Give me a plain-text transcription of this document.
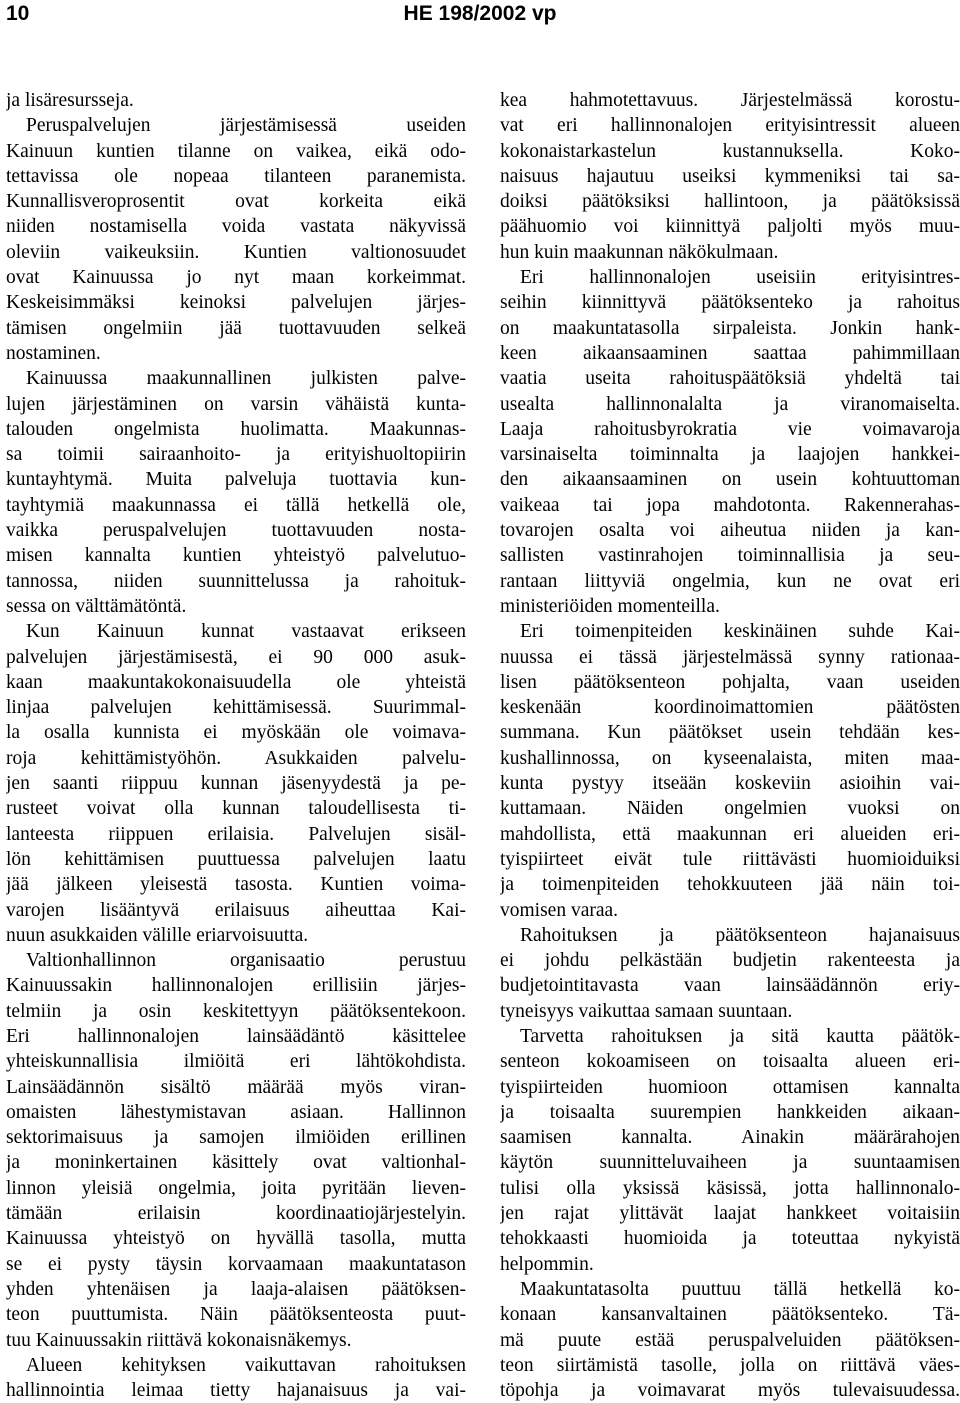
10	HE 198/2002 vp
ja lisäresursseja.
Peruspalvelujen järjestämisessä useiden
Kainuun kuntien tilanne on vaikea, eikä odo-
tettavissa ole nopeaa tilanteen paranemista.
Kunnallisveroprosentit ovat korkeita eikä
niiden nostamisella voida vastata näkyvissä
oleviin vaikeuksiin. Kuntien valtionosuudet
ovat Kainuussa jo nyt maan korkeimmat.
Keskeisimmäksi keinoksi palvelujen järjes-
tämisen ongelmiin jää tuottavuuden selkeä
nostaminen.
Kainuussa maakunnallinen julkisten palve-
lujen järjestäminen on varsin vähäistä kunta-
talouden ongelmista huolimatta. Maakunnas-
sa toimii sairaanhoito- ja erityishuoltopiirin
kuntayhtymä. Muita palveluja tuottavia kun-
tayhtymiä maakunnassa ei tällä hetkellä ole,
vaikka peruspalvelujen tuottavuuden nosta-
misen kannalta kuntien yhteistyö palvelutuo-
tannossa, niiden suunnittelussa ja rahoituk-
sessa on välttämätöntä.
Kun Kainuun kunnat vastaavat erikseen
palvelujen järjestämisestä, ei 90 000 asuk-
kaan maakuntakokonaisuudella ole yhteistä
linjaa palvelujen kehittämisessä. Suurimmal-
la osalla kunnista ei myöskään ole voimava-
roja kehittämistyöhön. Asukkaiden palvelu-
jen saanti riippuu kunnan jäsenyydestä ja pe-
rusteet voivat olla kunnan taloudellisesta ti-
lanteesta riippuen erilaisia. Palvelujen sisäl-
lön kehittämisen puuttuessa palvelujen laatu
jää jälkeen yleisestä tasosta. Kuntien voima-
varojen lisääntyvä erilaisuus aiheuttaa Kai-
nuun asukkaiden välille eriarvoisuutta.
Valtionhallinnon organisaatio perustuu
Kainuussakin hallinnonalojen erillisiin järjes-
telmiin ja osin keskitettyyn päätöksentekoon.
Eri hallinnonalojen lainsäädäntö käsittelee
yhteiskunnallisia ilmiöitä eri lähtökohdista.
Lainsäädännön sisältö määrää myös viran-
omaisten lähestymistavan asiaan. Hallinnon
sektorimaisuus ja samojen ilmiöiden erillinen
ja moninkertainen käsittely ovat valtionhal-
linnon yleisiä ongelmia, joita pyritään lieven-
tämään erilaisin koordinaatiojärjestelyin.
Kainuussa yhteistyö on hyvällä tasolla, mutta
se ei pysty täysin korvaamaan maakuntatason
yhden yhtenäisen ja laaja-alaisen päätöksen-
teon puuttumista. Näin päätöksenteosta puut-
tuu Kainuussakin riittävä kokonaisnäkemys.
Alueen kehityksen vaikuttavan rahoituksen
hallinnointia leimaa tietty hajanaisuus ja vai-
kea hahmotettavuus. Järjestelmässä korostu-
vat eri hallinnonalojen erityisintressit alueen
kokonaistarkastelun kustannuksella. Koko-
naisuus hajautuu useiksi kymmeniksi tai sa-
doiksi päätöksiksi hallintoon, ja päätöksissä
päähuomio voi kiinnittyä paljolti myös muu-
hun kuin maakunnan näkökulmaan.
Eri hallinnonalojen useisiin erityisintres-
seihin kiinnittyvä päätöksenteko ja rahoitus
on maakuntatasolla sirpaleista. Jonkin hank-
keen aikaansaaminen saattaa pahimmillaan
vaatia useita rahoituspäätöksiä yhdeltä tai
usealta hallinnonalalta ja viranomaiselta.
Laaja rahoitusbyrokratia vie voimavaroja
varsinaiselta toiminnalta ja laajojen hankkei-
den aikaansaaminen on usein kohtuuttoman
vaikeaa tai jopa mahdotonta. Rakennerahas-
tovarojen osalta voi aiheutua niiden ja kan-
sallisten vastinrahojen toiminnallisia ja seu-
rantaan liittyviä ongelmia, kun ne ovat eri
ministeriöiden momenteilla.
Eri toimenpiteiden keskinäinen suhde Kai-
nuussa ei tässä järjestelmässä synny rationaa-
lisen päätöksenteon pohjalta, vaan useiden
keskenään koordinoimattomien päätösten
summana. Kun päätökset usein tehdään kes-
kushallinnossa, on kyseenalaista, miten maa-
kunta pystyy itseään koskeviin asioihin vai-
kuttamaan. Näiden ongelmien vuoksi on
mahdollista, että maakunnan eri alueiden eri-
tyispiirteet eivät tule riittävästi huomioiduiksi
ja toimenpiteiden tehokkuuteen jää näin toi-
vomisen varaa.
Rahoituksen ja päätöksenteon hajanaisuus
ei johdu pelkästään budjetin rakenteesta ja
budjetointitavasta vaan lainsäädännön eriy-
tyneisyys vaikuttaa samaan suuntaan.
Tarvetta rahoituksen ja sitä kautta päätök-
senteon kokoamiseen on toisaalta alueen eri-
tyispiirteiden huomioon ottamisen kannalta
ja toisaalta suurempien hankkeiden aikaan-
saamisen kannalta. Ainakin määrärahojen
käytön suunnitteluvaiheen ja suuntaamisen
tulisi olla yksissä käsissä, jotta hallinnonalo-
jen rajat ylittävät laajat hankkeet voitaisiin
tehokkaasti huomioida ja toteuttaa nykyistä
helpommin.
Maakuntatasolta puuttuu tällä hetkellä ko-
konaan kansanvaltainen päätöksenteko. Tä-
mä puute estää peruspalveluiden päätöksen-
teon siirtämistä tasolle, jolla on riittävä väes-
töpohja ja voimavarat myös tulevaisuudessa.
